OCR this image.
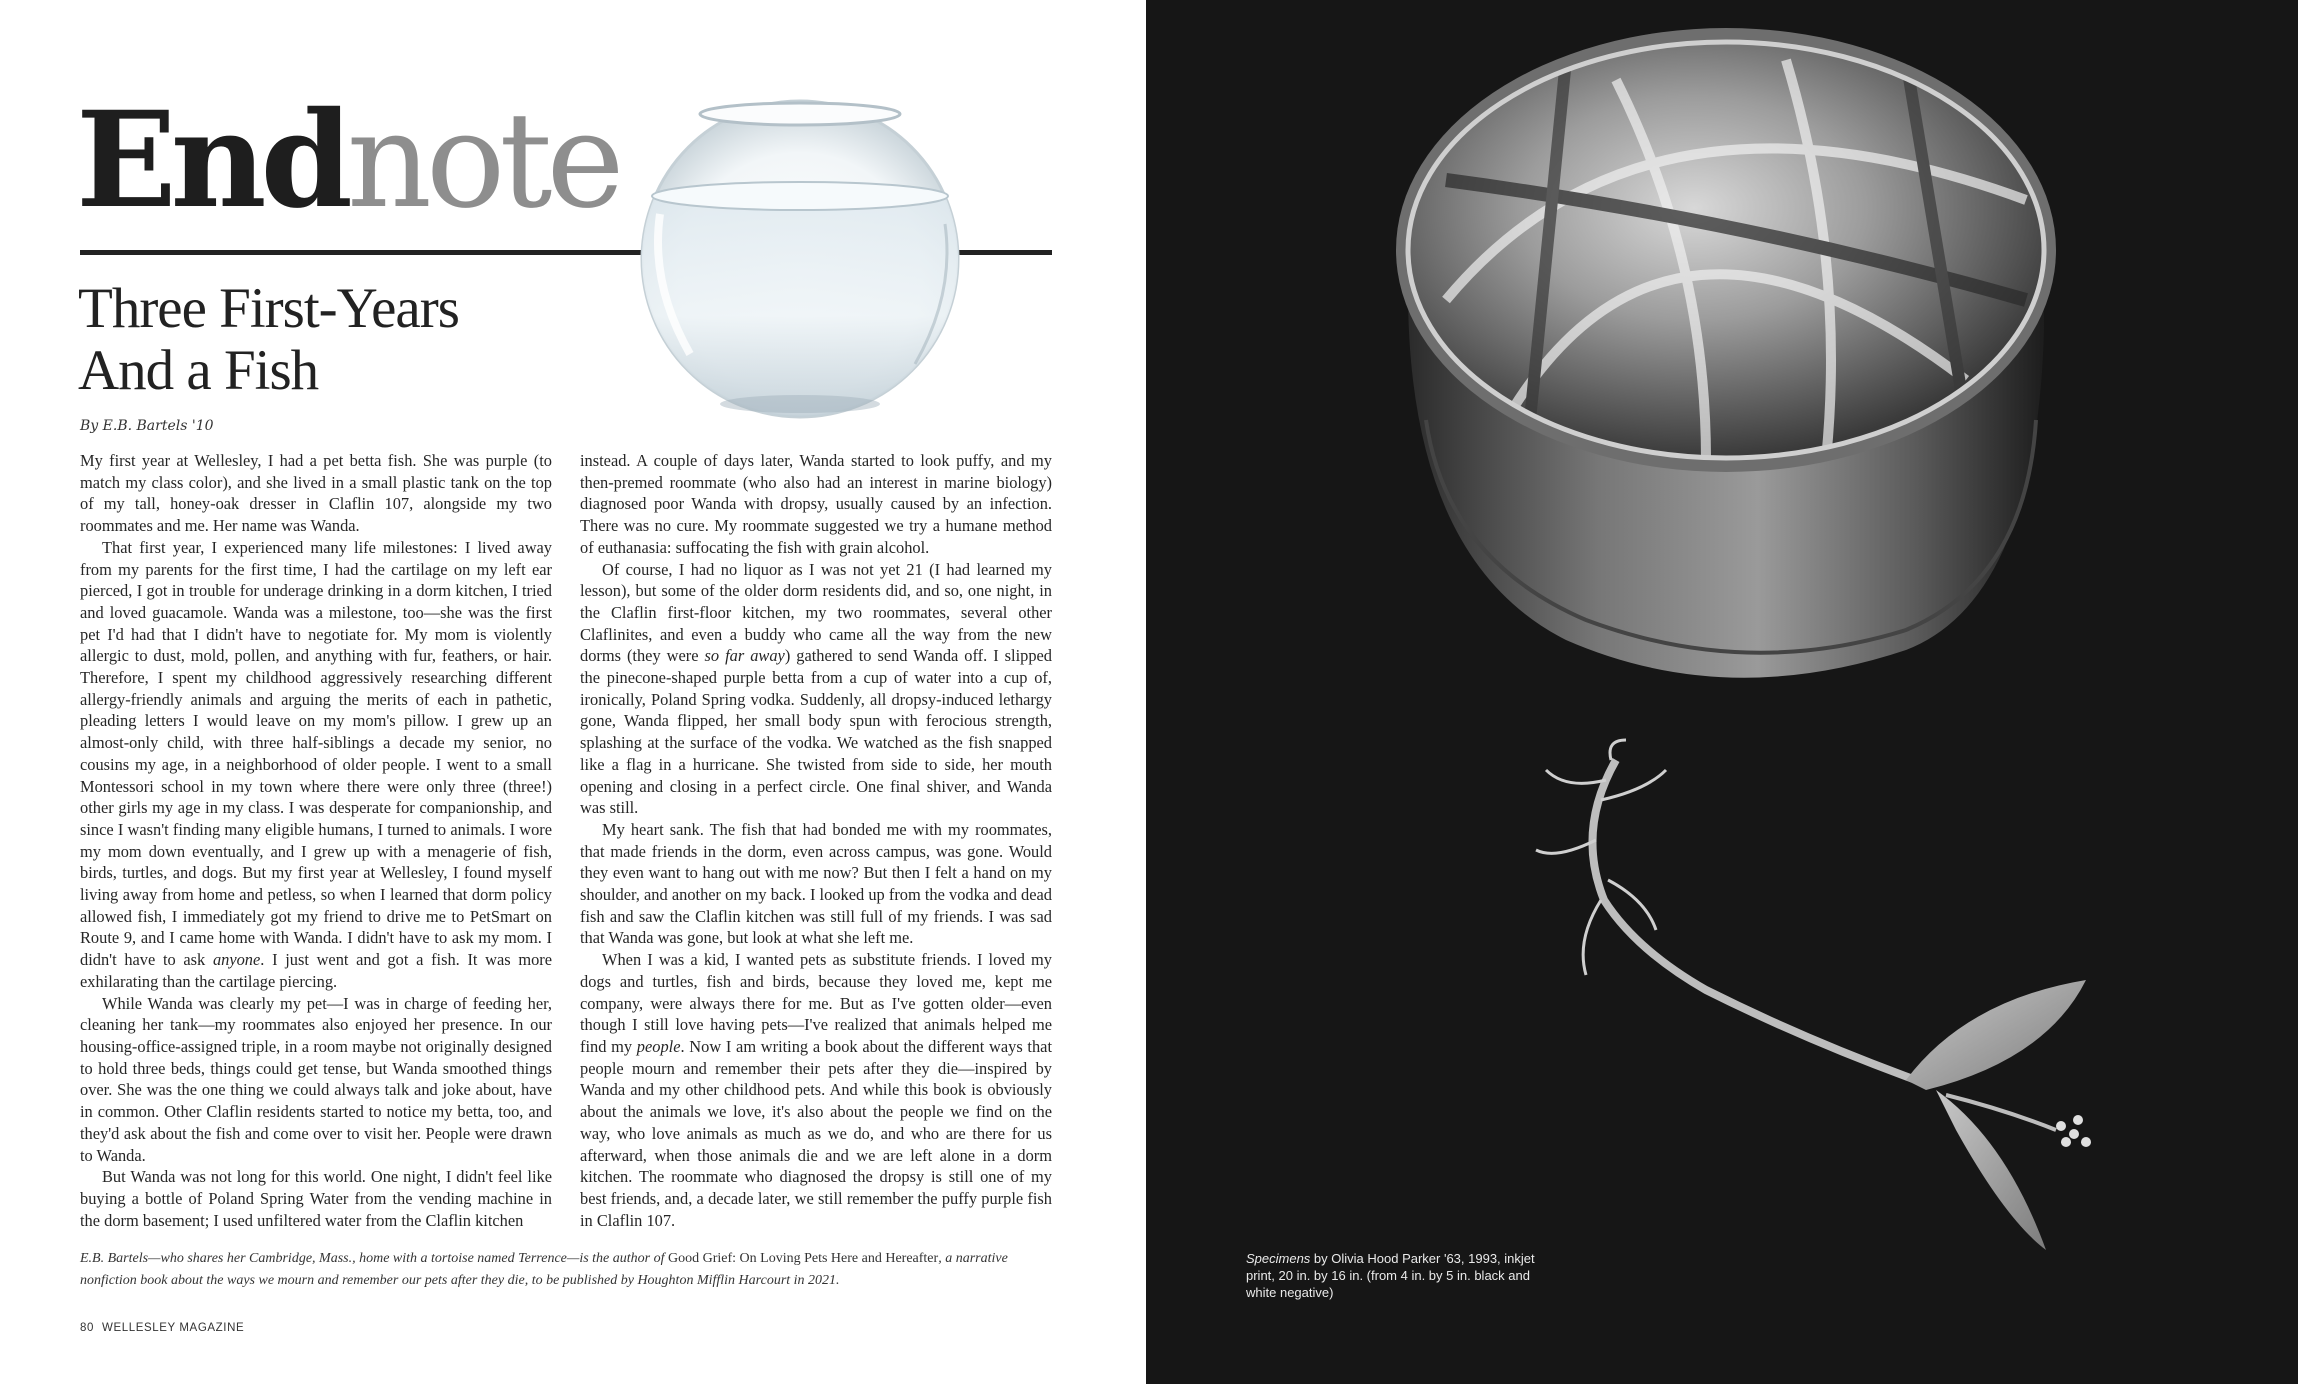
Endnote
Three First-Years
And a Fish
By E.B. Bartels '10

My first year at Wellesley, I had a pet betta fish. She was purple (to match my class color), and she lived in a small plastic tank on the top of my tall, honey-oak dresser in Claflin 107, alongside my two roommates and me. Her name was Wanda.

That first year, I experienced many life milestones: I lived away from my parents for the first time, I had the cartilage on my left ear pierced, I got in trouble for underage drinking in a dorm kitchen, I tried and loved guacamole. Wanda was a milestone, too—she was the first pet I'd had that I didn't have to negotiate for. My mom is violently allergic to dust, mold, pollen, and anything with fur, feathers, or hair. Therefore, I spent my childhood aggressively researching different allergy-friendly animals and arguing the merits of each in pathetic, pleading letters I would leave on my mom's pillow. I grew up an almost-only child, with three half-siblings a decade my senior, no cousins my age, in a neighborhood of older people. I went to a small Montessori school in my town where there were only three (three!) other girls my age in my class. I was desperate for companionship, and since I wasn't finding many eligible humans, I turned to animals. I wore my mom down eventually, and I grew up with a menagerie of fish, birds, turtles, and dogs. But my first year at Wellesley, I found myself living away from home and petless, so when I learned that dorm policy allowed fish, I immediately got my friend to drive me to PetSmart on Route 9, and I came home with Wanda. I didn't have to ask my mom. I didn't have to ask anyone. I just went and got a fish. It was more exhilarating than the cartilage piercing.

While Wanda was clearly my pet—I was in charge of feeding her, cleaning her tank—my roommates also enjoyed her presence. In our housing-office-assigned triple, in a room maybe not originally designed to hold three beds, things could get tense, but Wanda smoothed things over. She was the one thing we could always talk and joke about, have in common. Other Claflin residents started to notice my betta, too, and they'd ask about the fish and come over to visit her. People were drawn to Wanda.

But Wanda was not long for this world. One night, I didn't feel like buying a bottle of Poland Spring Water from the vending machine in the dorm basement; I used unfiltered water from the Claflin kitchen

instead. A couple of days later, Wanda started to look puffy, and my then-premed roommate (who also had an interest in marine biology) diagnosed poor Wanda with dropsy, usually caused by an infection. There was no cure. My roommate suggested we try a humane method of euthanasia: suffocating the fish with grain alcohol.

Of course, I had no liquor as I was not yet 21 (I had learned my lesson), but some of the older dorm residents did, and so, one night, in the Claflin first-floor kitchen, my two roommates, several other Claflinites, and even a buddy who came all the way from the new dorms (they were so far away) gathered to send Wanda off. I slipped the pinecone-shaped purple betta from a cup of water into a cup of, ironically, Poland Spring vodka. Suddenly, all dropsy-induced lethargy gone, Wanda flipped, her small body spun with ferocious strength, splashing at the surface of the vodka. We watched as the fish snapped like a flag in a hurricane. She twisted from side to side, her mouth opening and closing in a perfect circle. One final shiver, and Wanda was still.

My heart sank. The fish that had bonded me with my roommates, that made friends in the dorm, even across campus, was gone. Would they even want to hang out with me now? But then I felt a hand on my shoulder, and another on my back. I looked up from the vodka and dead fish and saw the Claflin kitchen was still full of my friends. I was sad that Wanda was gone, but look at what she left me.

When I was a kid, I wanted pets as substitute friends. I loved my dogs and turtles, fish and birds, because they loved me, kept me company, were always there for me. But as I've gotten older—even though I still love having pets—I've realized that animals helped me find my people. Now I am writing a book about the different ways that people mourn and remember their pets after they die—inspired by Wanda and my other childhood pets. And while this book is obviously about the animals we love, it's also about the people we find on the way, who love animals as much as we do, and who are there for us afterward, when those animals die and we are left alone in a dorm kitchen. The roommate who diagnosed the dropsy is still one of my best friends, and, a decade later, we still remember the puffy purple fish in Claflin 107.

E.B. Bartels—who shares her Cambridge, Mass., home with a tortoise named Terrence—is the author of Good Grief: On Loving Pets Here and Hereafter, a narrative nonfiction book about the ways we mourn and remember our pets after they die, to be published by Houghton Mifflin Harcourt in 2021.

80 WELLESLEY MAGAZINE

Specimens by Olivia Hood Parker '63, 1993, inkjet print, 20 in. by 16 in. (from 4 in. by 5 in. black and white negative)
